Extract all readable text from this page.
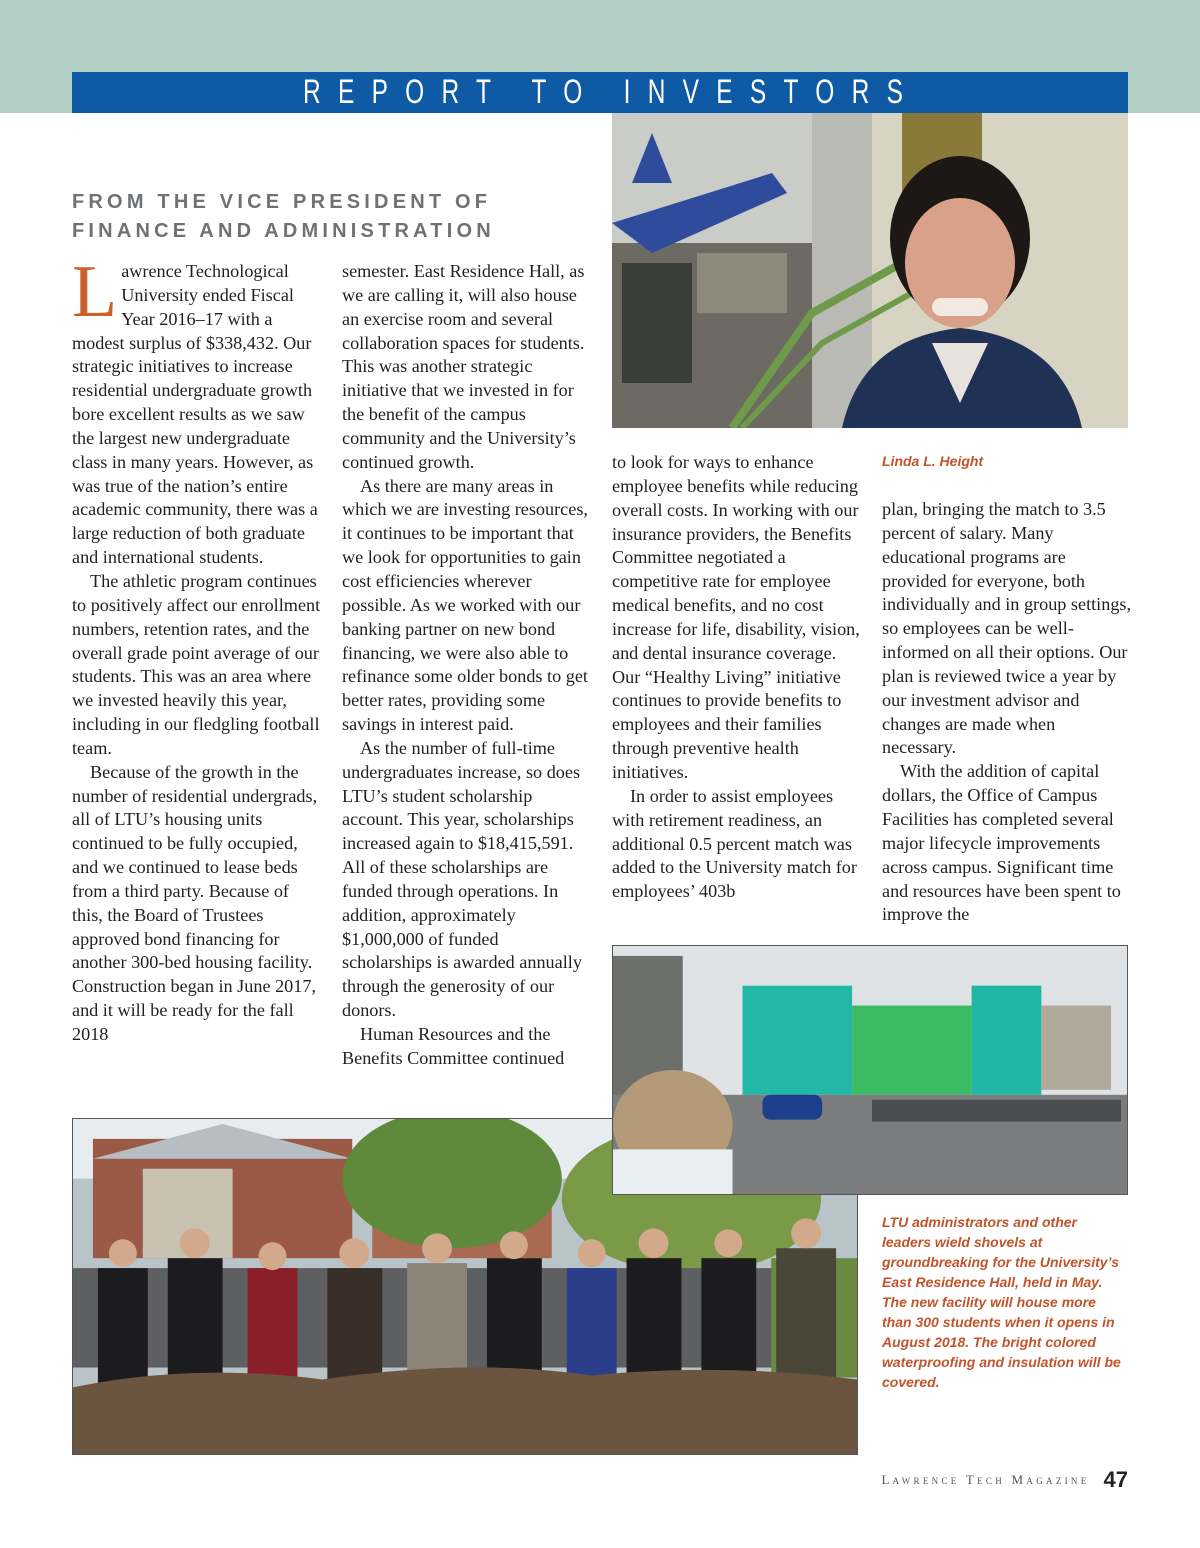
REPORT TO INVESTORS
FROM THE VICE PRESIDENT OF FINANCE AND ADMINISTRATION

Linda L. Height

Lawrence Technological University ended Fiscal Year 2016–17 with a modest surplus of $338,432. Our strategic initiatives to increase residential undergraduate growth bore excellent results as we saw the largest new undergraduate class in many years. However, as was true of the nation’s entire academic community, there was a large reduction of both graduate and international students.

The athletic program continues to positively affect our enrollment numbers, retention rates, and the overall grade point average of our students. This was an area where we invested heavily this year, including in our fledgling football team.

Because of the growth in the number of residential undergrads, all of LTU’s housing units continued to be fully occupied, and we continued to lease beds from a third party. Because of this, the Board of Trustees approved bond financing for another 300-bed housing facility. Construction began in June 2017, and it will be ready for the fall 2018

semester. East Residence Hall, as we are calling it, will also house an exercise room and several collaboration spaces for students. This was another strategic initiative that we invested in for the benefit of the campus community and the University’s continued growth.

As there are many areas in which we are investing resources, it continues to be important that we look for opportunities to gain cost efficiencies wherever possible. As we worked with our banking partner on new bond financing, we were also able to refinance some older bonds to get better rates, providing some savings in interest paid.

As the number of full-time undergraduates increase, so does LTU’s student scholarship account. This year, scholarships increased again to $18,415,591. All of these scholarships are funded through operations. In addition, approximately $1,000,000 of funded scholarships is awarded annually through the generosity of our donors.

Human Resources and the Benefits Committee continued

to look for ways to enhance employee benefits while reducing overall costs. In working with our insurance providers, the Benefits Committee negotiated a competitive rate for employee medical benefits, and no cost increase for life, disability, vision, and dental insurance coverage. Our “Healthy Living” initiative continues to provide benefits to employees and their families through preventive health initiatives.

In order to assist employees with retirement readiness, an additional 0.5 percent match was added to the University match for employees’ 403b

plan, bringing the match to 3.5 percent of salary. Many educational programs are provided for everyone, both individually and in group settings, so employees can be well-informed on all their options. Our plan is reviewed twice a year by our investment advisor and changes are made when necessary.

With the addition of capital dollars, the Office of Campus Facilities has completed several major lifecycle improvements across campus. Significant time and resources have been spent to improve the

LTU administrators and other leaders wield shovels at groundbreaking for the University’s East Residence Hall, held in May. The new facility will house more than 300 students when it opens in August 2018. The bright colored waterproofing and insulation will be covered.

Lawrence Tech Magazine 47
